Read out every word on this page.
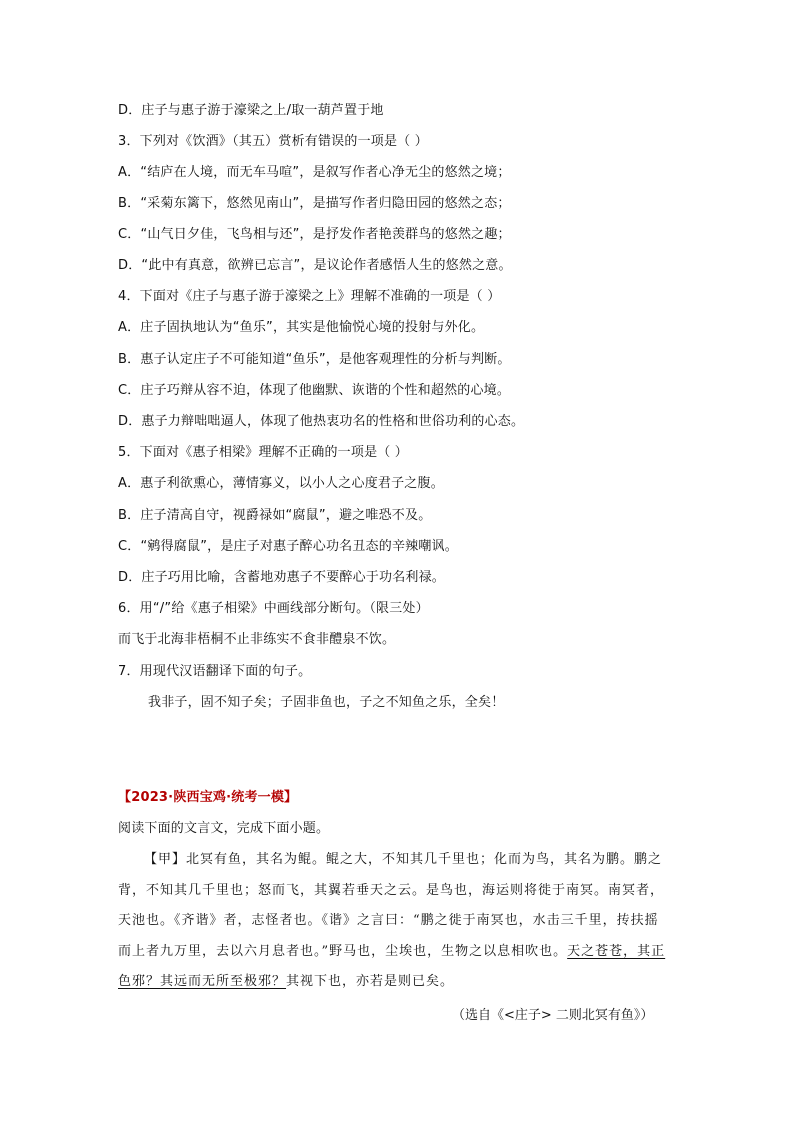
D．庄子与惠子游于濠梁之上/取一葫芦置于地
3．下列对《饮酒》（其五）赏析有错误的一项是（ ）
A．“结庐在人境，而无车马喧”，是叙写作者心净无尘的悠然之境；
B．“采菊东篱下，悠然见南山”，是描写作者归隐田园的悠然之态；
C．“山气日夕佳，飞鸟相与还”，是抒发作者艳羡群鸟的悠然之趣；
D．“此中有真意，欲辨已忘言”，是议论作者感悟人生的悠然之意。
4．下面对《庄子与惠子游于濠梁之上》理解不准确的一项是（ ）
A．庄子固执地认为“鱼乐”，其实是他愉悦心境的投射与外化。
B．惠子认定庄子不可能知道“鱼乐”，是他客观理性的分析与判断。
C．庄子巧辩从容不迫，体现了他幽默、诙谐的个性和超然的心境。
D．惠子力辩咄咄逼人，体现了他热衷功名的性格和世俗功利的心态。
5．下面对《惠子相梁》理解不正确的一项是（ ）
A．惠子利欲熏心，薄情寡义，以小人之心度君子之腹。
B．庄子清高自守，视爵禄如“腐鼠”，避之唯恐不及。
C．“鹓得腐鼠”，是庄子对惠子醉心功名丑态的辛辣嘲讽。
D．庄子巧用比喻，含蓄地劝惠子不要醉心于功名利禄。
6．用“/”给《惠子相梁》中画线部分断句。（限三处）
而飞于北海非梧桐不止非练实不食非醴泉不饮。
7．用现代汉语翻译下面的句子。
我非子，固不知子矣；子固非鱼也，子之不知鱼之乐，全矣！
【2023·陕西宝鸡·统考一模】
阅读下面的文言文，完成下面小题。
【甲】北冥有鱼，其名为鲲。鲲之大，不知其几千里也；化而为鸟，其名为鹏。鹏之背，不知其几千里也；怒而飞，其翼若垂天之云。是鸟也，海运则将徙于南冥。南冥者，天池也。《齐谐》者，志怪者也。《谐》之言曰：“鹏之徙于南冥也，水击三千里，抟扶摇而上者九万里，去以六月息者也。”野马也，尘埃也，生物之以息相吹也。天之苍苍，其正色邪？其远而无所至极邪？其视下也，亦若是则已矣。
（选自《<庄子> 二则北冥有鱼》）
